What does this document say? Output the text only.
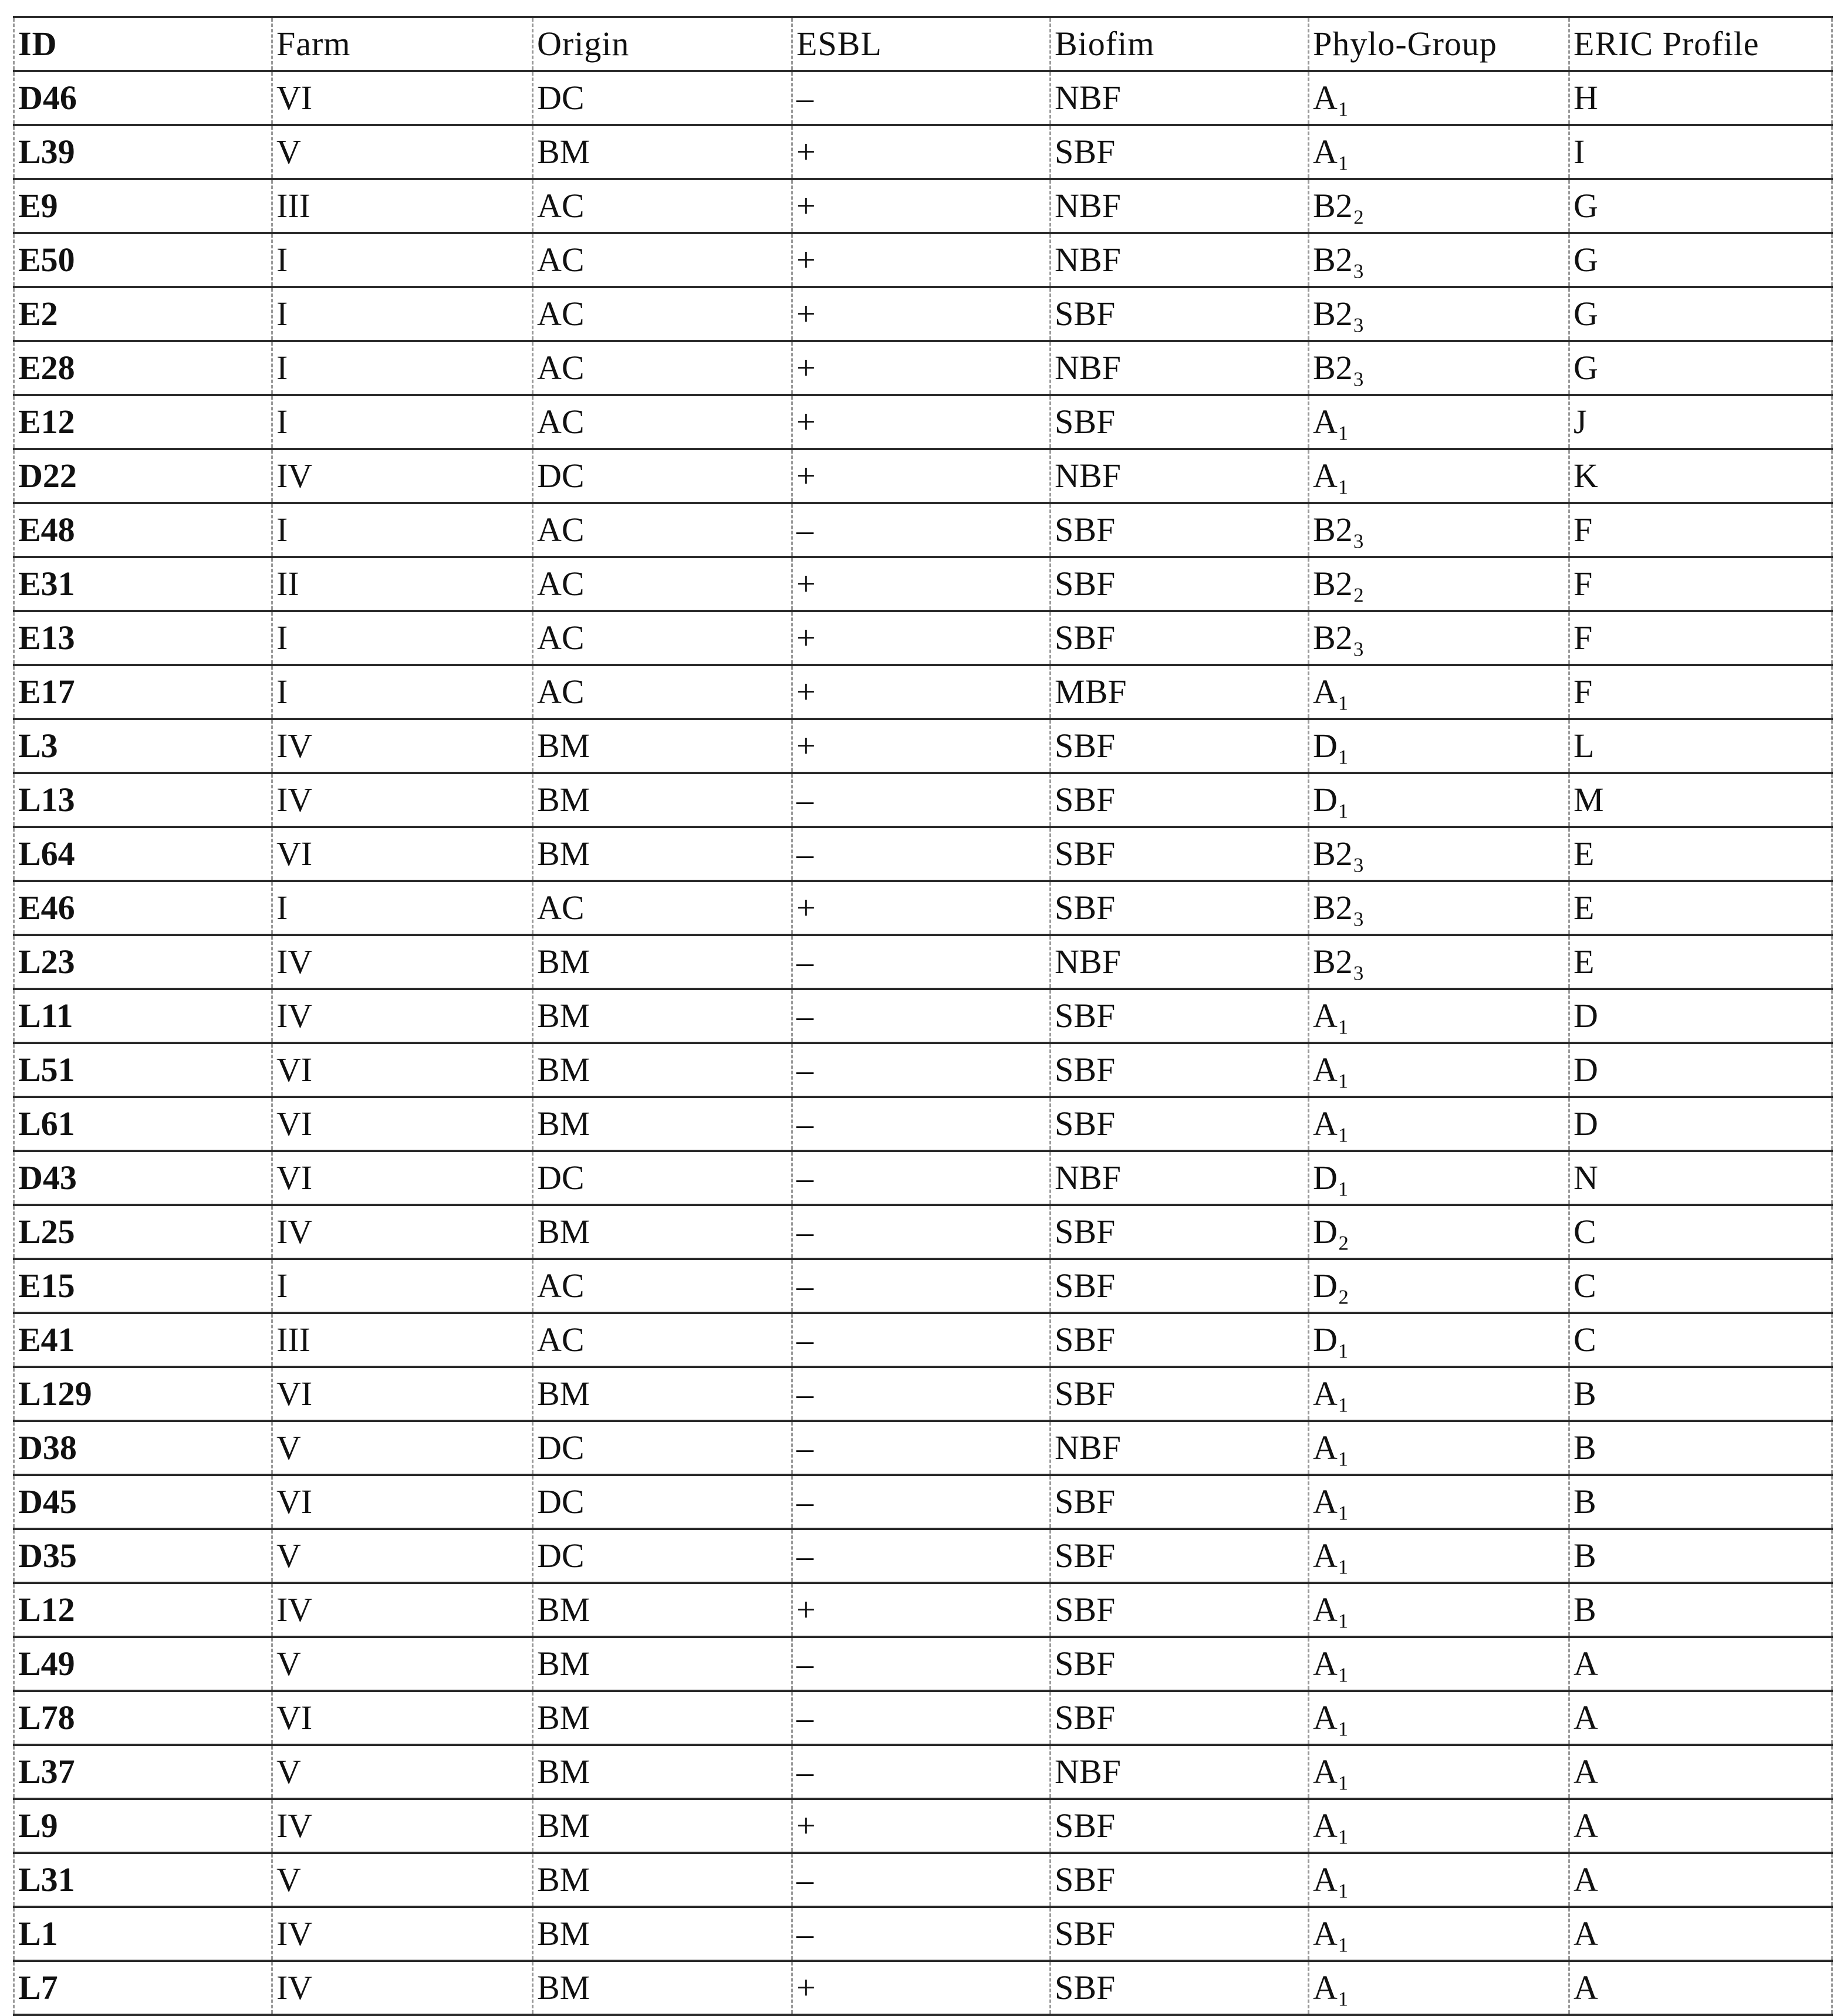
ID	Farm	Origin	ESBL	Biofim	Phylo-Group	ERIC Profile
D46	VI	DC	–	NBF	A₁	H
L39	V	BM	+	SBF	A₁	I
E9	III	AC	+	NBF	B2₂	G
E50	I	AC	+	NBF	B2₃	G
E2	I	AC	+	SBF	B2₃	G
E28	I	AC	+	NBF	B2₃	G
E12	I	AC	+	SBF	A₁	J
D22	IV	DC	+	NBF	A₁	K
E48	I	AC	–	SBF	B2₃	F
E31	II	AC	+	SBF	B2₂	F
E13	I	AC	+	SBF	B2₃	F
E17	I	AC	+	MBF	A₁	F
L3	IV	BM	+	SBF	D₁	L
L13	IV	BM	–	SBF	D₁	M
L64	VI	BM	–	SBF	B2₃	E
E46	I	AC	+	SBF	B2₃	E
L23	IV	BM	–	NBF	B2₃	E
L11	IV	BM	–	SBF	A₁	D
L51	VI	BM	–	SBF	A₁	D
L61	VI	BM	–	SBF	A₁	D
D43	VI	DC	–	NBF	D₁	N
L25	IV	BM	–	SBF	D₂	C
E15	I	AC	–	SBF	D₂	C
E41	III	AC	–	SBF	D₁	C
L129	VI	BM	–	SBF	A₁	B
D38	V	DC	–	NBF	A₁	B
D45	VI	DC	–	SBF	A₁	B
D35	V	DC	–	SBF	A₁	B
L12	IV	BM	+	SBF	A₁	B
L49	V	BM	–	SBF	A₁	A
L78	VI	BM	–	SBF	A₁	A
L37	V	BM	–	NBF	A₁	A
L9	IV	BM	+	SBF	A₁	A
L31	V	BM	–	SBF	A₁	A
L1	IV	BM	–	SBF	A₁	A
L7	IV	BM	+	SBF	A₁	A
